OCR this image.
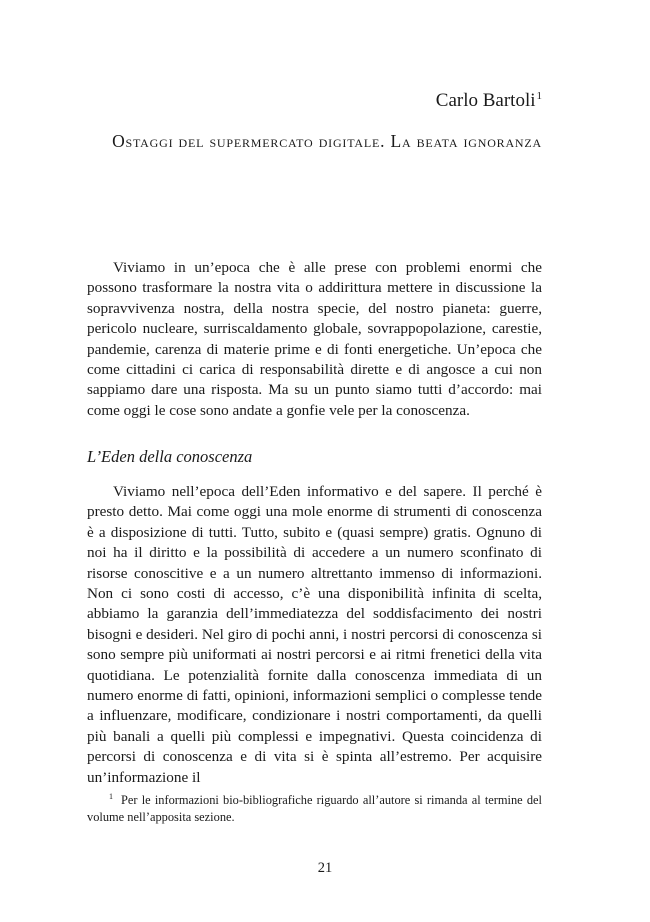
Carlo Bartoli$^1$
Ostaggi del supermercato digitale. La beata ignoranza

Viviamo in un’epoca che è alle prese con problemi enormi che possono trasformare la nostra vita o addirittura mettere in discussione la sopravvivenza nostra, della nostra specie, del nostro pianeta: guerre, pericolo nucleare, surriscaldamento globale, sovrappopolazione, carestie, pandemie, carenza di materie prime e di fonti energetiche. Un’epoca che come cittadini ci carica di responsabilità dirette e di angosce a cui non sappiamo dare una risposta. Ma su un punto siamo tutti d’accordo: mai come oggi le cose sono andate a gonfie vele per la conoscenza.

L’Eden della conoscenza

Viviamo nell’epoca dell’Eden informativo e del sapere. Il perché è presto detto. Mai come oggi una mole enorme di strumenti di conoscenza è a disposizione di tutti. Tutto, subito e (quasi sempre) gratis. Ognuno di noi ha il diritto e la possibilità di accedere a un numero sconfinato di risorse conoscitive e a un numero altrettanto immenso di informazioni. Non ci sono costi di accesso, c’è una disponibilità infinita di scelta, abbiamo la garanzia dell’immediatezza del soddisfacimento dei nostri bisogni e desideri. Nel giro di pochi anni, i nostri percorsi di conoscenza si sono sempre più uniformati ai nostri percorsi e ai ritmi frenetici della vita quotidiana. Le potenzialità fornite dalla conoscenza immediata di un numero enorme di fatti, opinioni, informazioni semplici o complesse tende a influenzare, modificare, condizionare i nostri comportamenti, da quelli più banali a quelli più complessi e impegnativi. Questa coincidenza di percorsi di conoscenza e di vita si è spinta all’estremo. Per acquisire un’informazione il

$^1$ Per le informazioni bio-bibliografiche riguardo all’autore si rimanda al termine del volume nell’apposita sezione.

21
